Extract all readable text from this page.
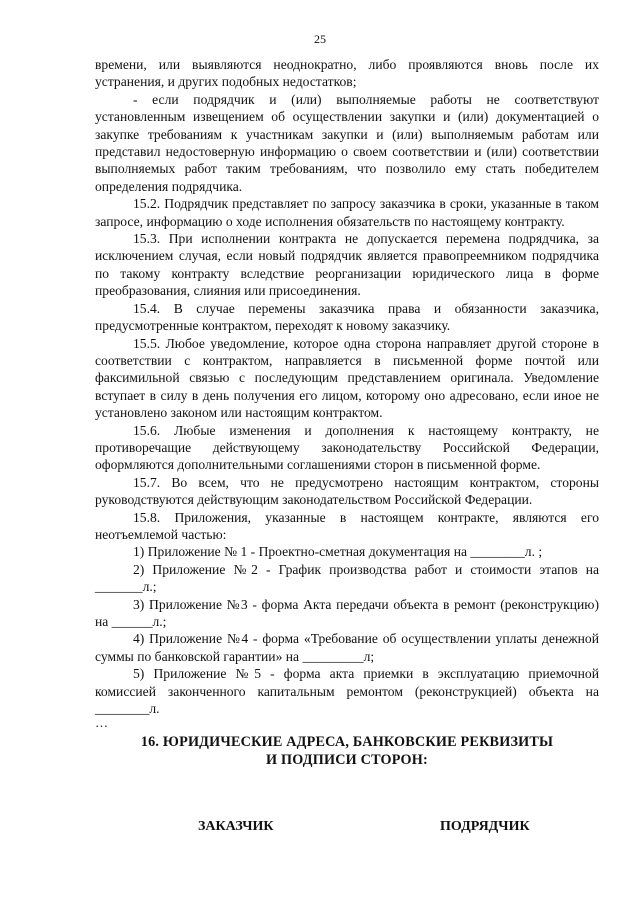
25

времени, или выявляются неоднократно, либо проявляются вновь после их устранения, и других подобных недостатков;

- если подрядчик и (или) выполняемые работы не соответствуют установленным извещением об осуществлении закупки и (или) документацией о закупке требованиям к участникам закупки и (или) выполняемым работам или представил недостоверную информацию о своем соответствии и (или) соответствии выполняемых работ таким требованиям, что позволило ему стать победителем определения подрядчика.

15.2. Подрядчик представляет по запросу заказчика в сроки, указанные в таком запросе, информацию о ходе исполнения обязательств по настоящему контракту.

15.3. При исполнении контракта не допускается перемена подрядчика, за исключением случая, если новый подрядчик является правопреемником подрядчика по такому контракту вследствие реорганизации юридического лица в форме преобразования, слияния или присоединения.

15.4. В случае перемены заказчика права и обязанности заказчика, предусмотренные контрактом, переходят к новому заказчику.

15.5. Любое уведомление, которое одна сторона направляет другой стороне в соответствии с контрактом, направляется в письменной форме почтой или факсимильной связью с последующим представлением оригинала. Уведомление вступает в силу в день получения его лицом, которому оно адресовано, если иное не установлено законом или настоящим контрактом.

15.6. Любые изменения и дополнения к настоящему контракту, не противоречащие действующему законодательству Российской Федерации, оформляются дополнительными соглашениями сторон в письменной форме.

15.7. Во всем, что не предусмотрено настоящим контрактом, стороны руководствуются действующим законодательством Российской Федерации.

15.8. Приложения, указанные в настоящем контракте, являются его неотъемлемой частью:

1) Приложение № 1 - Проектно-сметная документация на ________л. ;

2) Приложение №2 - График производства работ и стоимости этапов на _______л.;

3) Приложение №3 - форма Акта передачи объекта в ремонт (реконструкцию) на ______л.;

4) Приложение №4 - форма «Требование об осуществлении уплаты денежной суммы по банковской гарантии» на _________л;

5) Приложение №5 - форма акта приемки в эксплуатацию приемочной комиссией законченного капитальным ремонтом (реконструкцией) объекта на ________л.

…

16. ЮРИДИЧЕСКИЕ АДРЕСА, БАНКОВСКИЕ РЕКВИЗИТЫ
И ПОДПИСИ СТОРОН:
ЗАКАЗЧИК	ПОДРЯДЧИК
